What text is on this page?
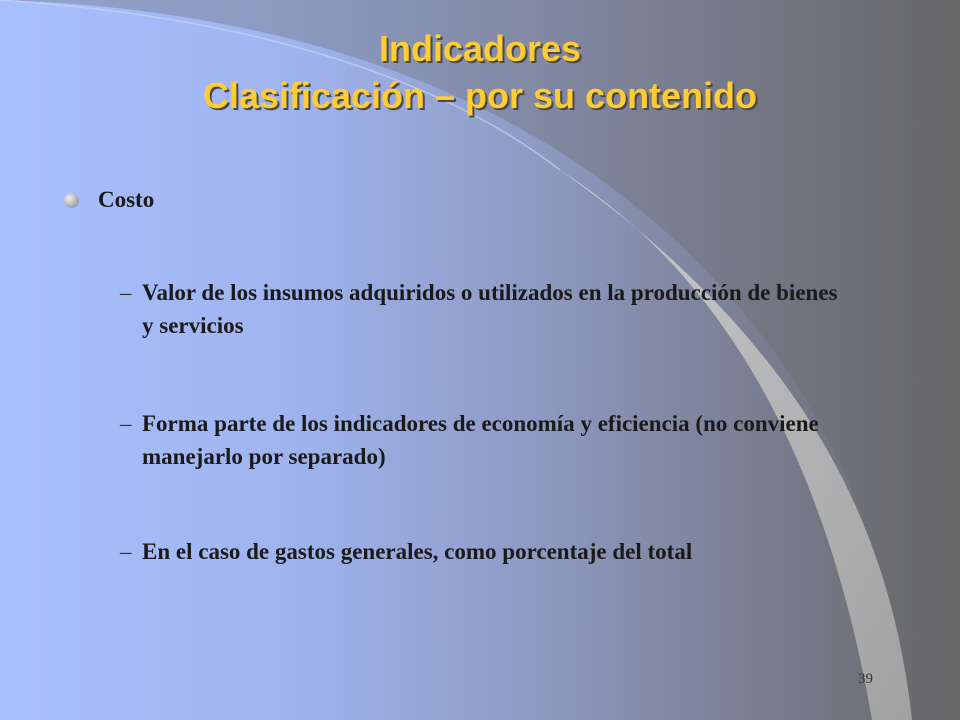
Indicadores
Clasificación – por su contenido
Costo
– Valor de los insumos adquiridos o utilizados en la producción de bienes y servicios
– Forma parte de los indicadores de economía y eficiencia (no conviene manejarlo por separado)
– En el caso de gastos generales, como porcentaje del total
39
